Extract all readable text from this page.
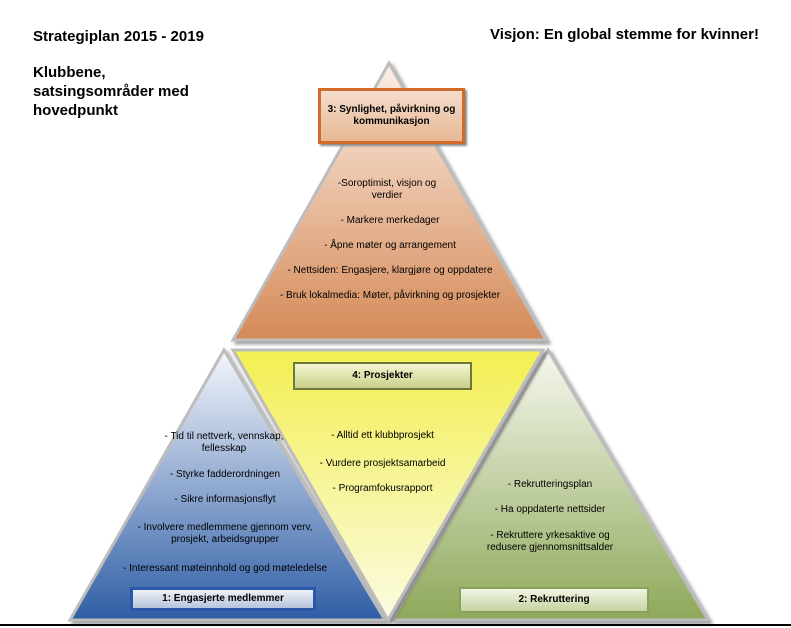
Strategiplan 2015 - 2019	Visjon: En global stemme for kvinner!
Klubbene, satsingsområder med hovedpunkt	3: Synlighet, påvirkning og kommunikasjon
-Soroptimist, visjon og verdier
- Markere merkedager
- Åpne møter og arrangement
- Nettsiden: Engasjere, klargjøre og oppdatere
- Bruk lokalmedia: Møter, påvirkning og prosjekter
4: Prosjekter
- Alltid ett klubbprosjekt
- Vurdere prosjektsamarbeid
- Programfokusrapport
- Tid til nettverk, vennskap, fellesskap
- Styrke fadderordningen
- Sikre informasjonsflyt
- Involvere medlemmene gjennom verv, prosjekt, arbeidsgrupper
- Interessant møteinnhold og god møteledelse
1: Engasjerte medlemmer
- Rekrutteringsplan
- Ha oppdaterte nettsider
- Rekruttere yrkesaktive og redusere gjennomsnittsalder
2: Rekruttering
